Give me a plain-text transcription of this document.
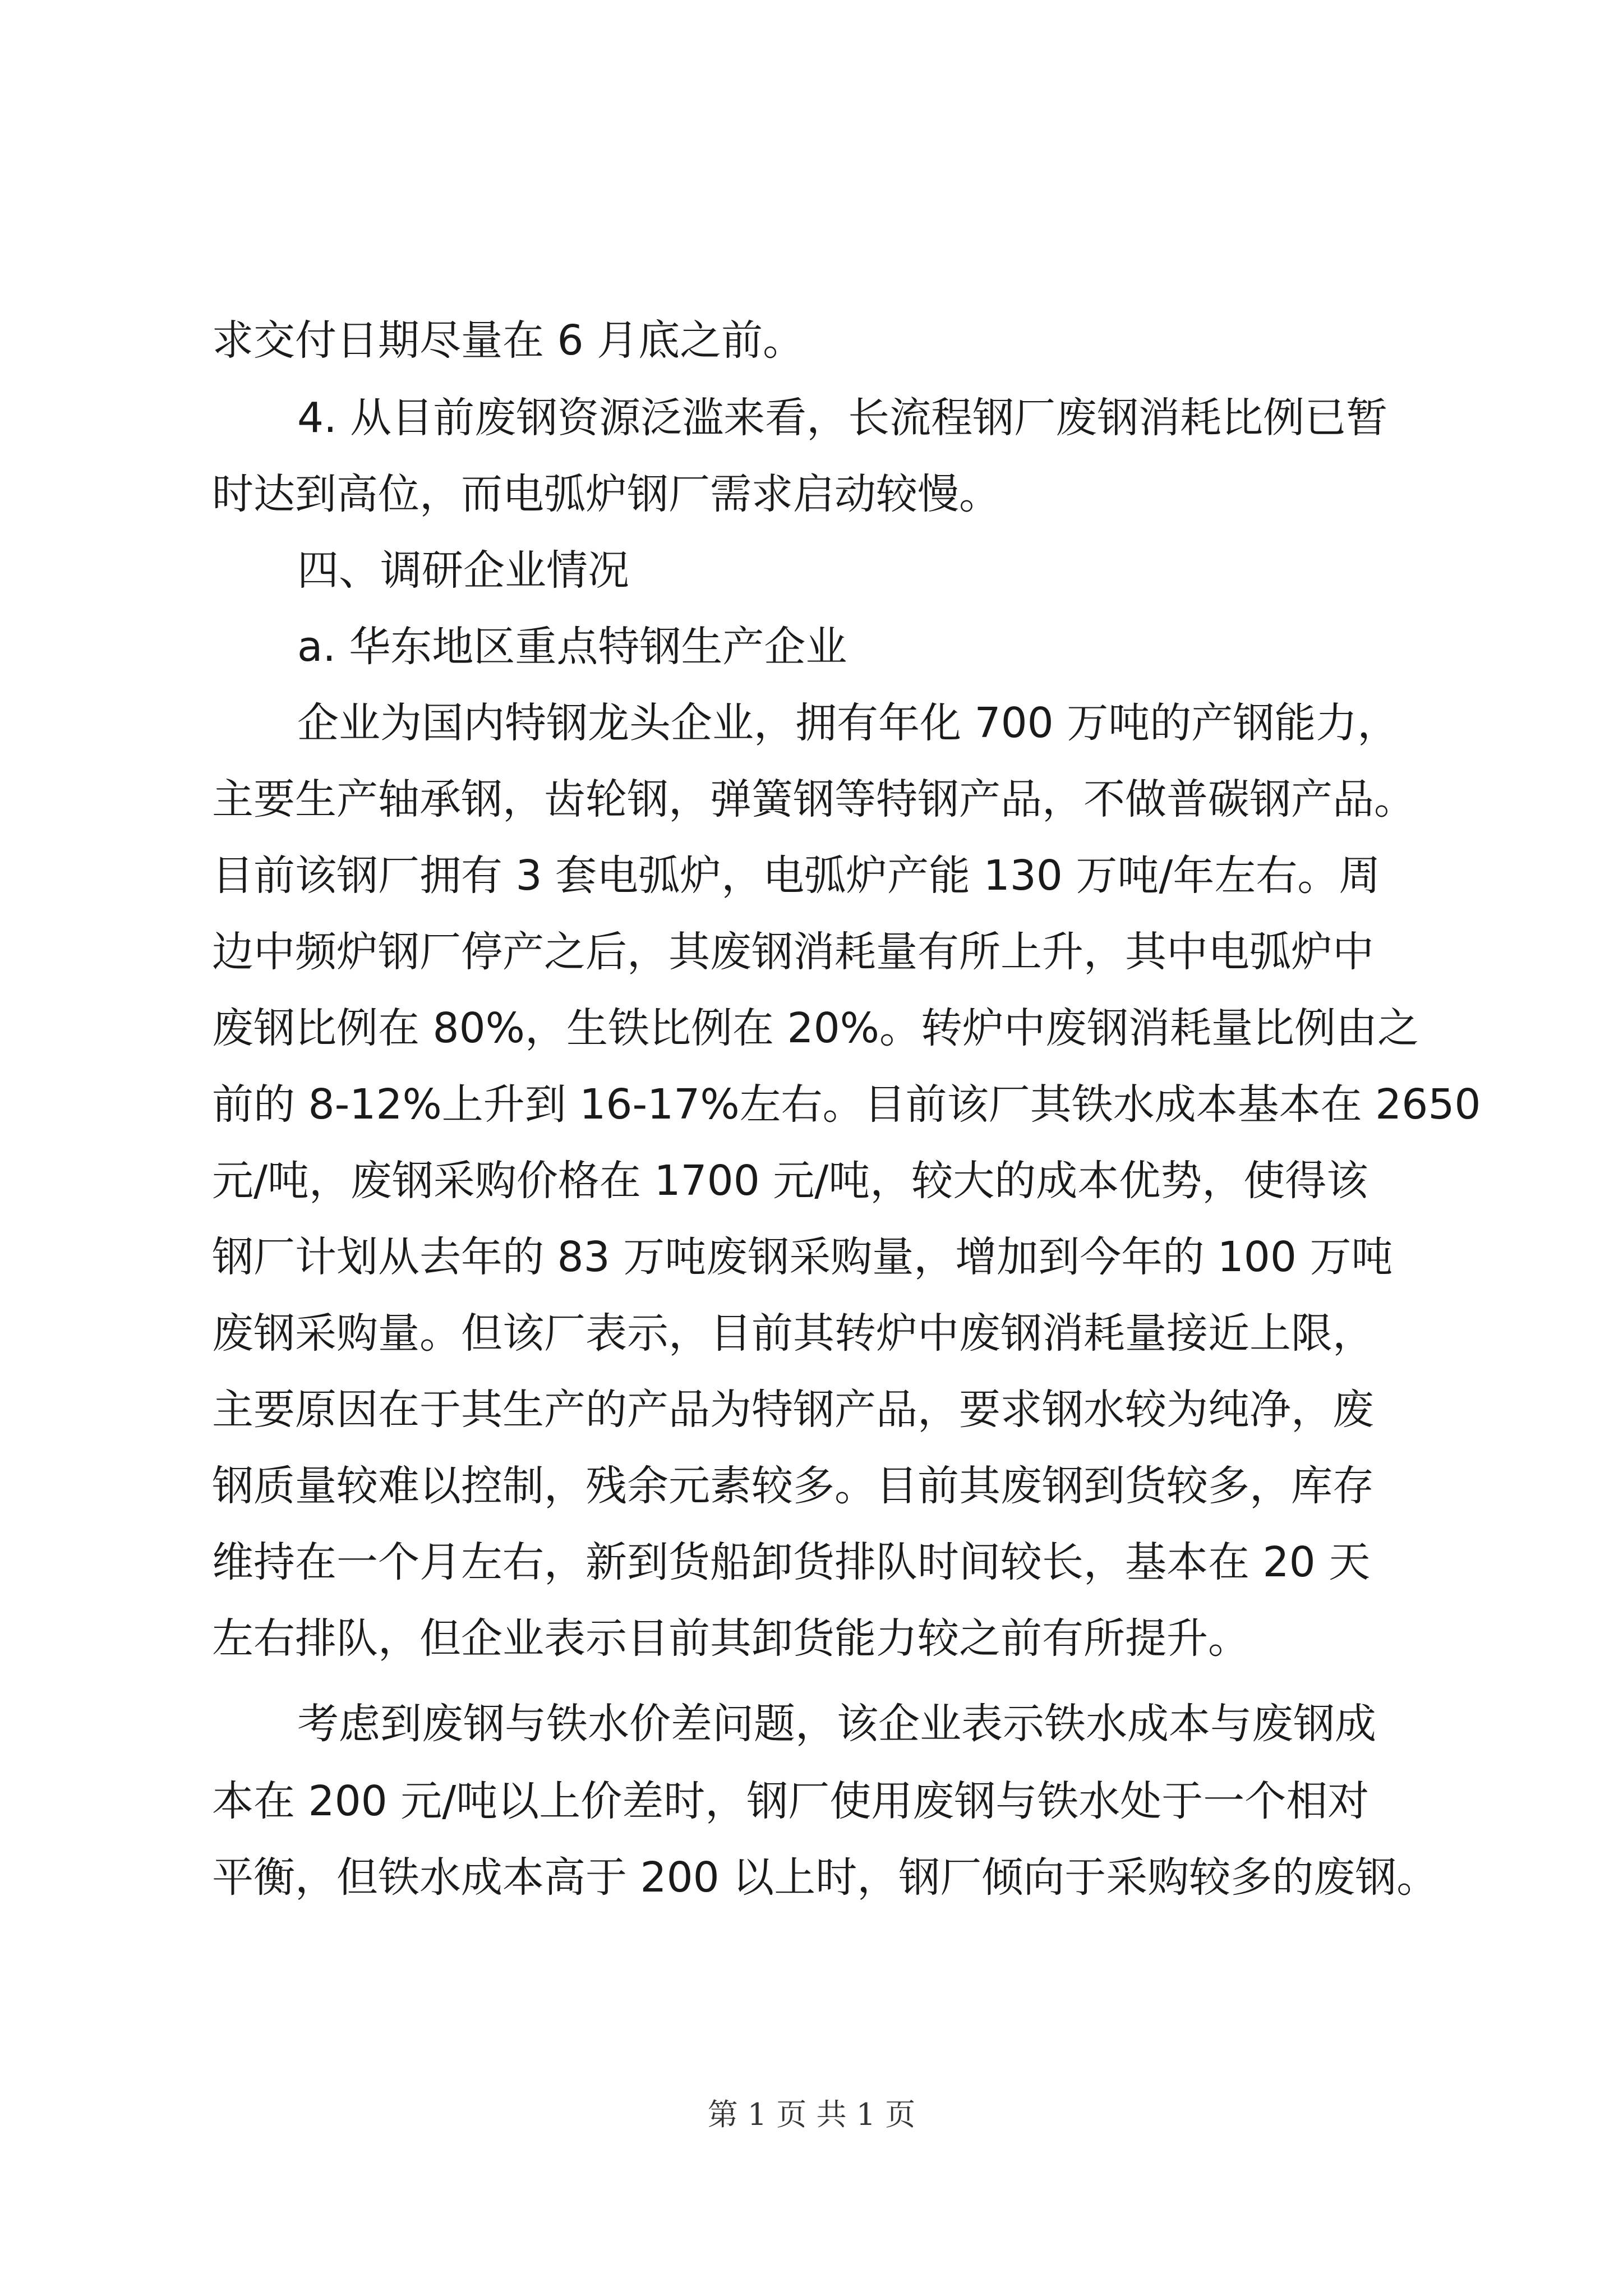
求交付日期尽量在 6 月底之前。

4. 从目前废钢资源泛滥来看，长流程钢厂废钢消耗比例已暂

时达到高位，而电弧炉钢厂需求启动较慢。

四、调研企业情况

a. 华东地区重点特钢生产企业

企业为国内特钢龙头企业，拥有年化 700 万吨的产钢能力，

主要生产轴承钢，齿轮钢，弹簧钢等特钢产品，不做普碳钢产品。

目前该钢厂拥有 3 套电弧炉，电弧炉产能 130 万吨/年左右。周

边中频炉钢厂停产之后，其废钢消耗量有所上升，其中电弧炉中

废钢比例在 80%，生铁比例在 20%。转炉中废钢消耗量比例由之

前的 8-12%上升到 16-17%左右。目前该厂其铁水成本基本在 2650

元/吨，废钢采购价格在 1700 元/吨，较大的成本优势，使得该

钢厂计划从去年的 83 万吨废钢采购量，增加到今年的 100 万吨

废钢采购量。但该厂表示，目前其转炉中废钢消耗量接近上限，

主要原因在于其生产的产品为特钢产品，要求钢水较为纯净，废

钢质量较难以控制，残余元素较多。目前其废钢到货较多，库存

维持在一个月左右，新到货船卸货排队时间较长，基本在 20 天

左右排队，但企业表示目前其卸货能力较之前有所提升。

考虑到废钢与铁水价差问题，该企业表示铁水成本与废钢成

本在 200 元/吨以上价差时，钢厂使用废钢与铁水处于一个相对

平衡，但铁水成本高于 200 以上时，钢厂倾向于采购较多的废钢。

第 1 页 共 1 页
